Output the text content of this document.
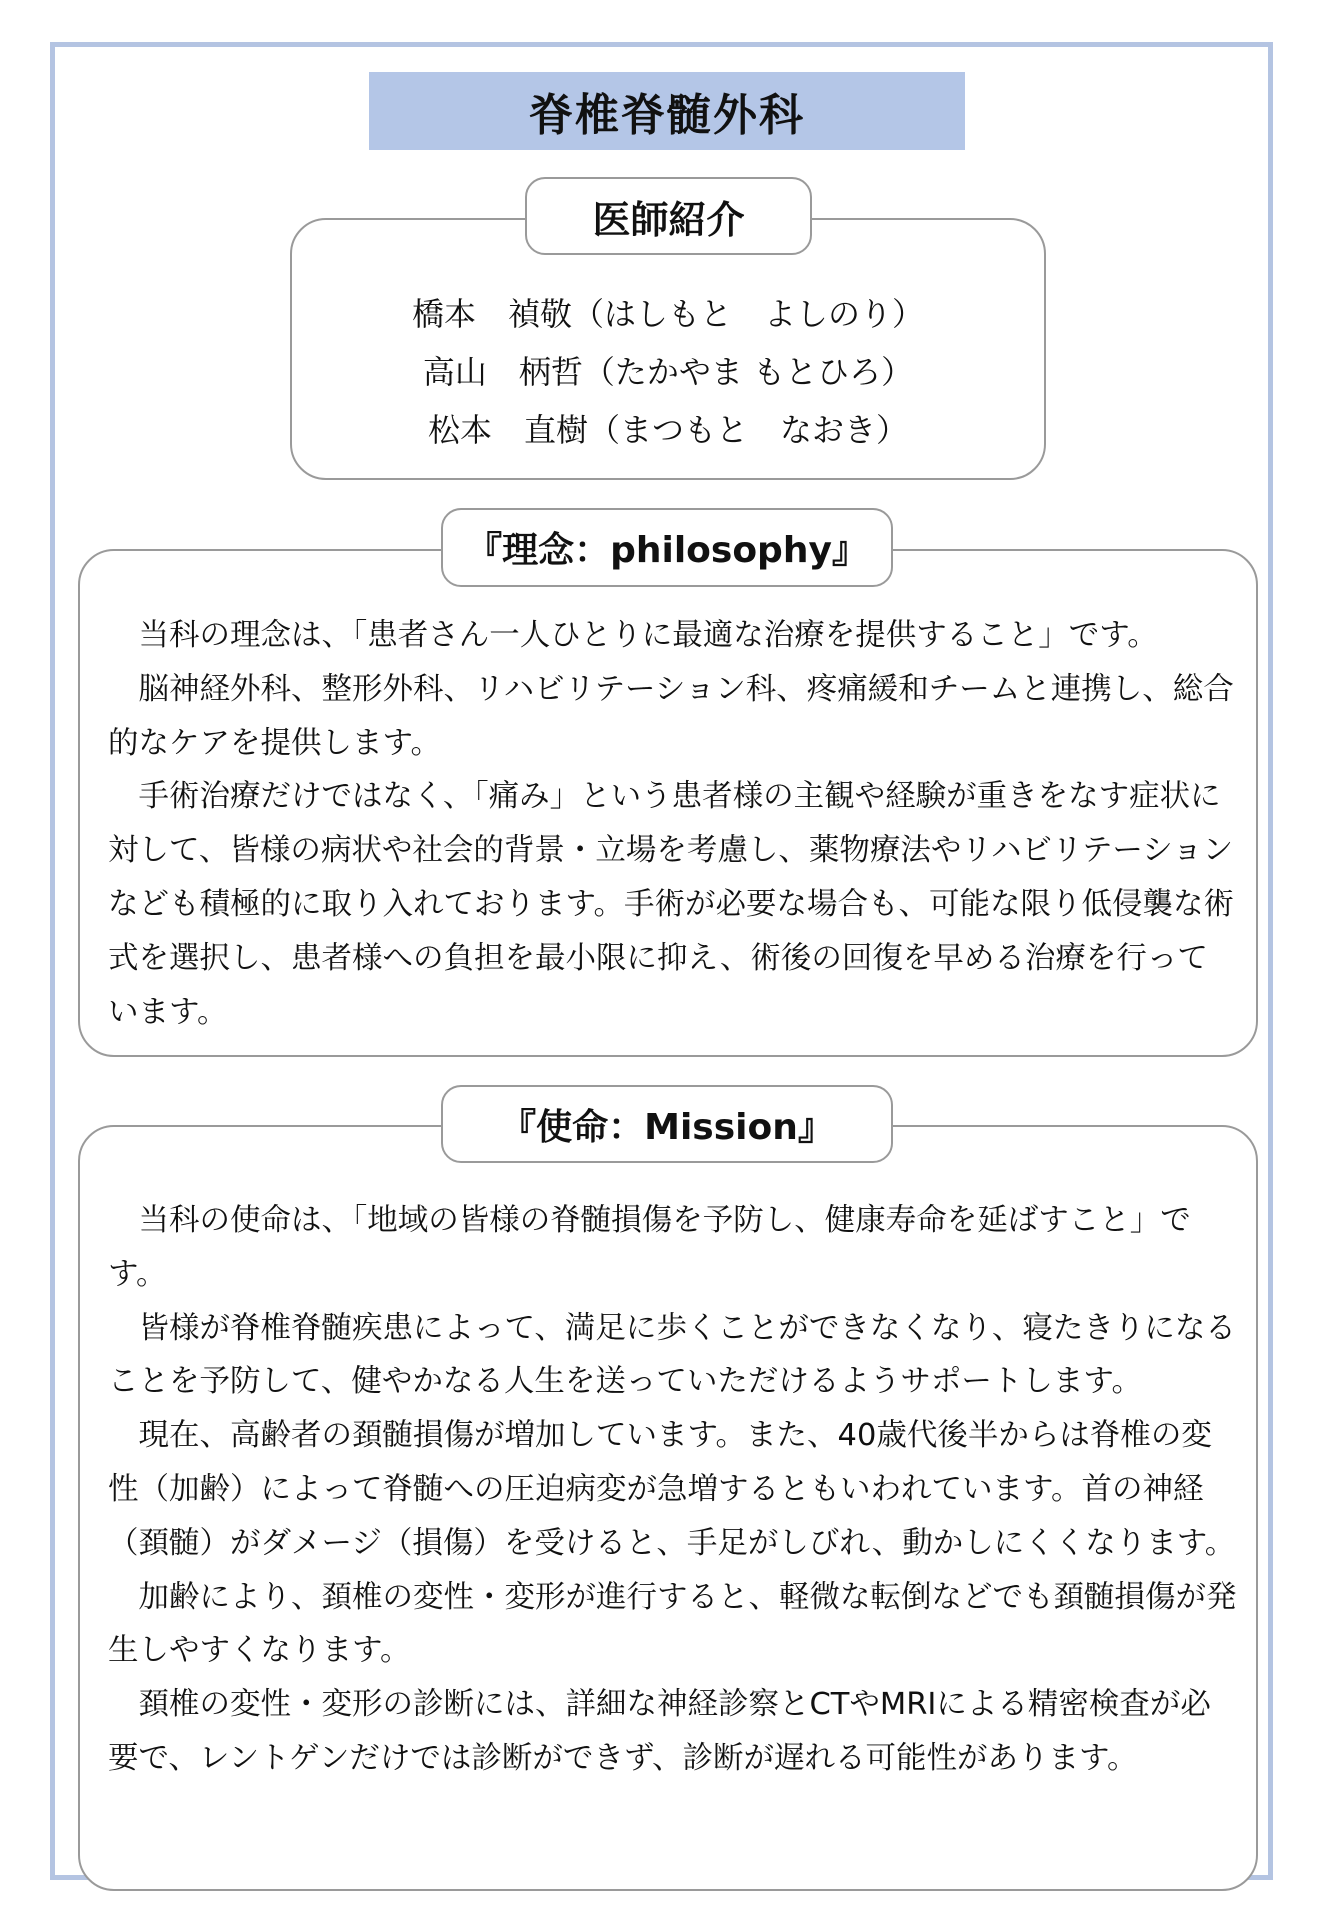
脊椎脊髄外科
橋本　禎敬（はしもと　よしのり）
高山　柄哲（たかやま もとひろ）
松本　直樹（まつもと　なおき）
医師紹介

当科の理念は、「患者さん一人ひとりに最適な治療を提供すること」です。

脳神経外科、整形外科、リハビリテーション科、疼痛緩和チームと連携し、総合的なケアを提供します。

手術治療だけではなく、「痛み」という患者様の主観や経験が重きをなす症状に対して、皆様の病状や社会的背景・立場を考慮し、薬物療法やリハビリテーションなども積極的に取り入れております。手術が必要な場合も、可能な限り低侵襲な術式を選択し、患者様への負担を最小限に抑え、術後の回復を早める治療を行っています。

『理念：philosophy』

当科の使命は、「地域の皆様の脊髄損傷を予防し、健康寿命を延ばすこと」です。

皆様が脊椎脊髄疾患によって、満足に歩くことができなくなり、寝たきりになることを予防して、健やかなる人生を送っていただけるようサポートします。

現在、高齢者の頚髄損傷が増加しています。また、40歳代後半からは脊椎の変性（加齢）によって脊髄への圧迫病変が急増するともいわれています。首の神経（頚髄）がダメージ（損傷）を受けると、手足がしびれ、動かしにくくなります。

加齢により、頚椎の変性・変形が進行すると、軽微な転倒などでも頚髄損傷が発生しやすくなります。

頚椎の変性・変形の診断には、詳細な神経診察とCTやMRIによる精密検査が必要で、レントゲンだけでは診断ができず、診断が遅れる可能性があります。

『使命：Mission』
